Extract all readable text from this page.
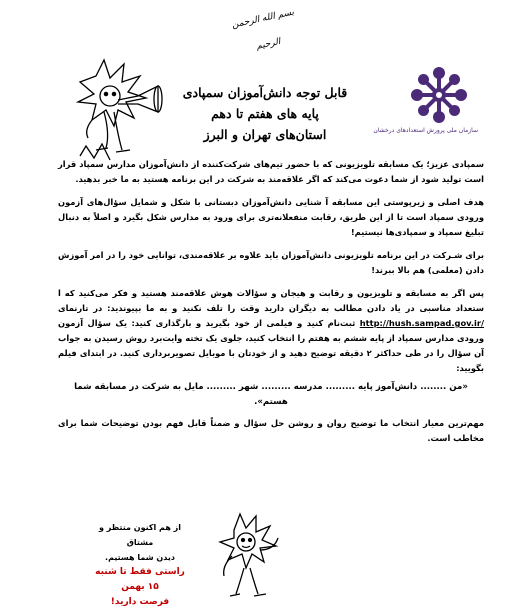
بسم الله الرحمن الرحیم
سازمان ملی پرورش استعدادهای درخشان
قابل توجه دانش‌آموزان سمپادی
پایه های هفتم تا دهم
استان‌های تهران و البرز

سمپادی عزیز؛ یک مسابقه تلویزیونی که با حضور تیم‌های شرکت‌کننده از دانش‌آموزان مدارس سمپاد قرار است تولید شود از شما دعوت می‌کند که اگر علاقه‌مند به شرکت در این برنامه هستید به ما خبر بدهید.

هدف اصلی و زیرپوستی این مسابقه آ شنایی دانش‌آموزان دبستانی با شکل و شمایل سؤال‌های آزمون ورودی سمپاد است تا از این طریق، رقابت منفعلانه‌تری برای ورود به مدارس شکل بگیرد و اصلاً به دنبال تبلیغ سمپاد و سمپادی‌ها نیستیم!

برای شـرکت در این برنامه تلویزیونی دانش‌آموزان باید علاوه بر علاقه‌مندی، توانایی خود را در امر آموزش دادن (معلمی) هم بالا ببرند!

پس اگر به مسابقه و تلویزیون و رقابت و هیجان و سؤالات هوش علاقه‌مند هستید و فکر می‌کنید که ا ستعداد مناسبی در یاد دادن مطالب به دیگران دارید وقت را تلف نکنید و به ما بپیوندید: در تارنمای http://hush.sampad.gov.ir/ ثبت‌نام کنید و فیلمی از خود بگیرید و بارگذاری کنید: یک سؤال آزمون ورودی مدارس سمپاد از پایه ششم به هفتم را انتخاب کنید، جلوی یک تخته وایت‌برد روش رسیدن به جواب آن سؤال را در طی حداکثر ۲ دقیقه توضیح دهید و از خودتان با موبایل تصویربرداری کنید. در ابتدای فیلم بگویید:

«من ........ دانش‌آموز پایه ......... مدرسه ......... شهر ......... مایل به شرکت در مسابقه شما هستم».

مهم‌ترین معیار انتخاب ما توضیح روان و روشن حل سؤال و ضمناً قابل فهم بودن توضیحات شما برای مخاطب است.

از هم اکنون منتظر و مشتاق
دیدن شما هستیم.
راستی فقط تا شنبه ۱۵ بهمن
فرصت دارید!
